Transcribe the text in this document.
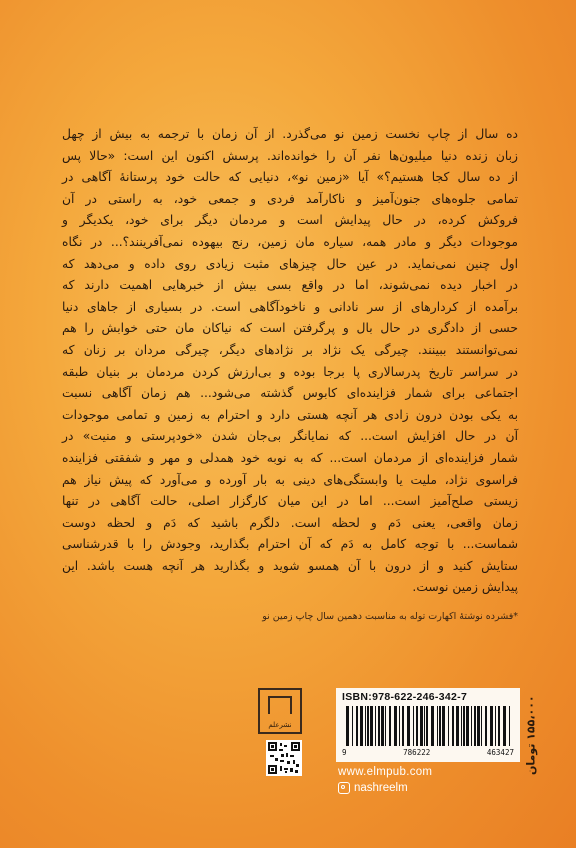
ده سال از چاپ نخست زمین نو می‌گذرد. از آن زمان با ترجمه به بیش از چهل

زبان زنده دنیا میلیون‌ها نفر آن را خوانده‌اند. پرسش اکنون این است: «حالا پس

از ده سال کجا هستیم؟» آیا «زمین نو»، دنیایی که حالت خود پرستانهٔ آگاهی در

تمامی جلوه‌های جنون‌آمیز و ناکارآمد فردی و جمعی خود، به راستی در آن

فروکش کرده، در حال پیدایش است و مردمان دیگر برای خود، یکدیگر و

موجودات دیگر و مادر همه، سیاره مان زمین، رنج بیهوده نمی‌آفرینند؟... در نگاه

اول چنین نمی‌نماید. در عین حال چیزهای مثبت زیادی روی داده و می‌دهد که

در اخبار دیده نمی‌شوند، اما در واقع بسی بیش از خبرهایی اهمیت دارند که

برآمده از کردارهای از سر نادانی و ناخودآگاهی است. در بسیاری از جاهای دنیا

حسی از دادگری در حال بال و پرگرفتن است که نیاکان مان حتی خوابش را هم

نمی‌توانستند ببینند. چیرگی یک نژاد بر نژادهای دیگر، چیرگی مردان بر زنان که

در سراسر تاریخ پدرسالاری پا برجا بوده و بی‌ارزش کردن مردمان بر بنیان طبقه

اجتماعی برای شمار فزاینده‌ای کابوس گذشته می‌شود... هم زمان آگاهی نسبت

به یکی بودن درون زادی هر آنچه هستی دارد و احترام به زمین و تمامی موجودات

آن در حال افزایش است... که نمایانگر بی‌جان شدن «خودپرستی و منیت» در

شمار فزاینده‌ای از مردمان است... که به نوبه خود همدلی و مهر و شفقتی فزاینده

فراسوی نژاد، ملیت یا وابستگی‌های دینی به بار آورده و می‌آورد که پیش نیاز هم

زیستی صلح‌آمیز است... اما در این میان کارگزار اصلی، حالت آگاهی در تنها

زمان واقعی، یعنی دَم و لحظه است. دلگرم باشید که دَم و لحظه دوست

شماست... با توجه کامل به دَم که آن احترام بگذارید، وجودش را با قدرشناسی

ستایش کنید و از درون با آن همسو شوید و بگذارید هر آنچه هست باشد. این

پیدایش زمین نوست.

*فشرده نوشتهٔ اکهارت توله به مناسبت دهمین سال چاپ زمین نو
نشرعلم
ISBN:978-622-246-342-7
9	786222	463427 ۱۵۵،۰۰۰ تومان
www.elmpub.com
nashreelm
